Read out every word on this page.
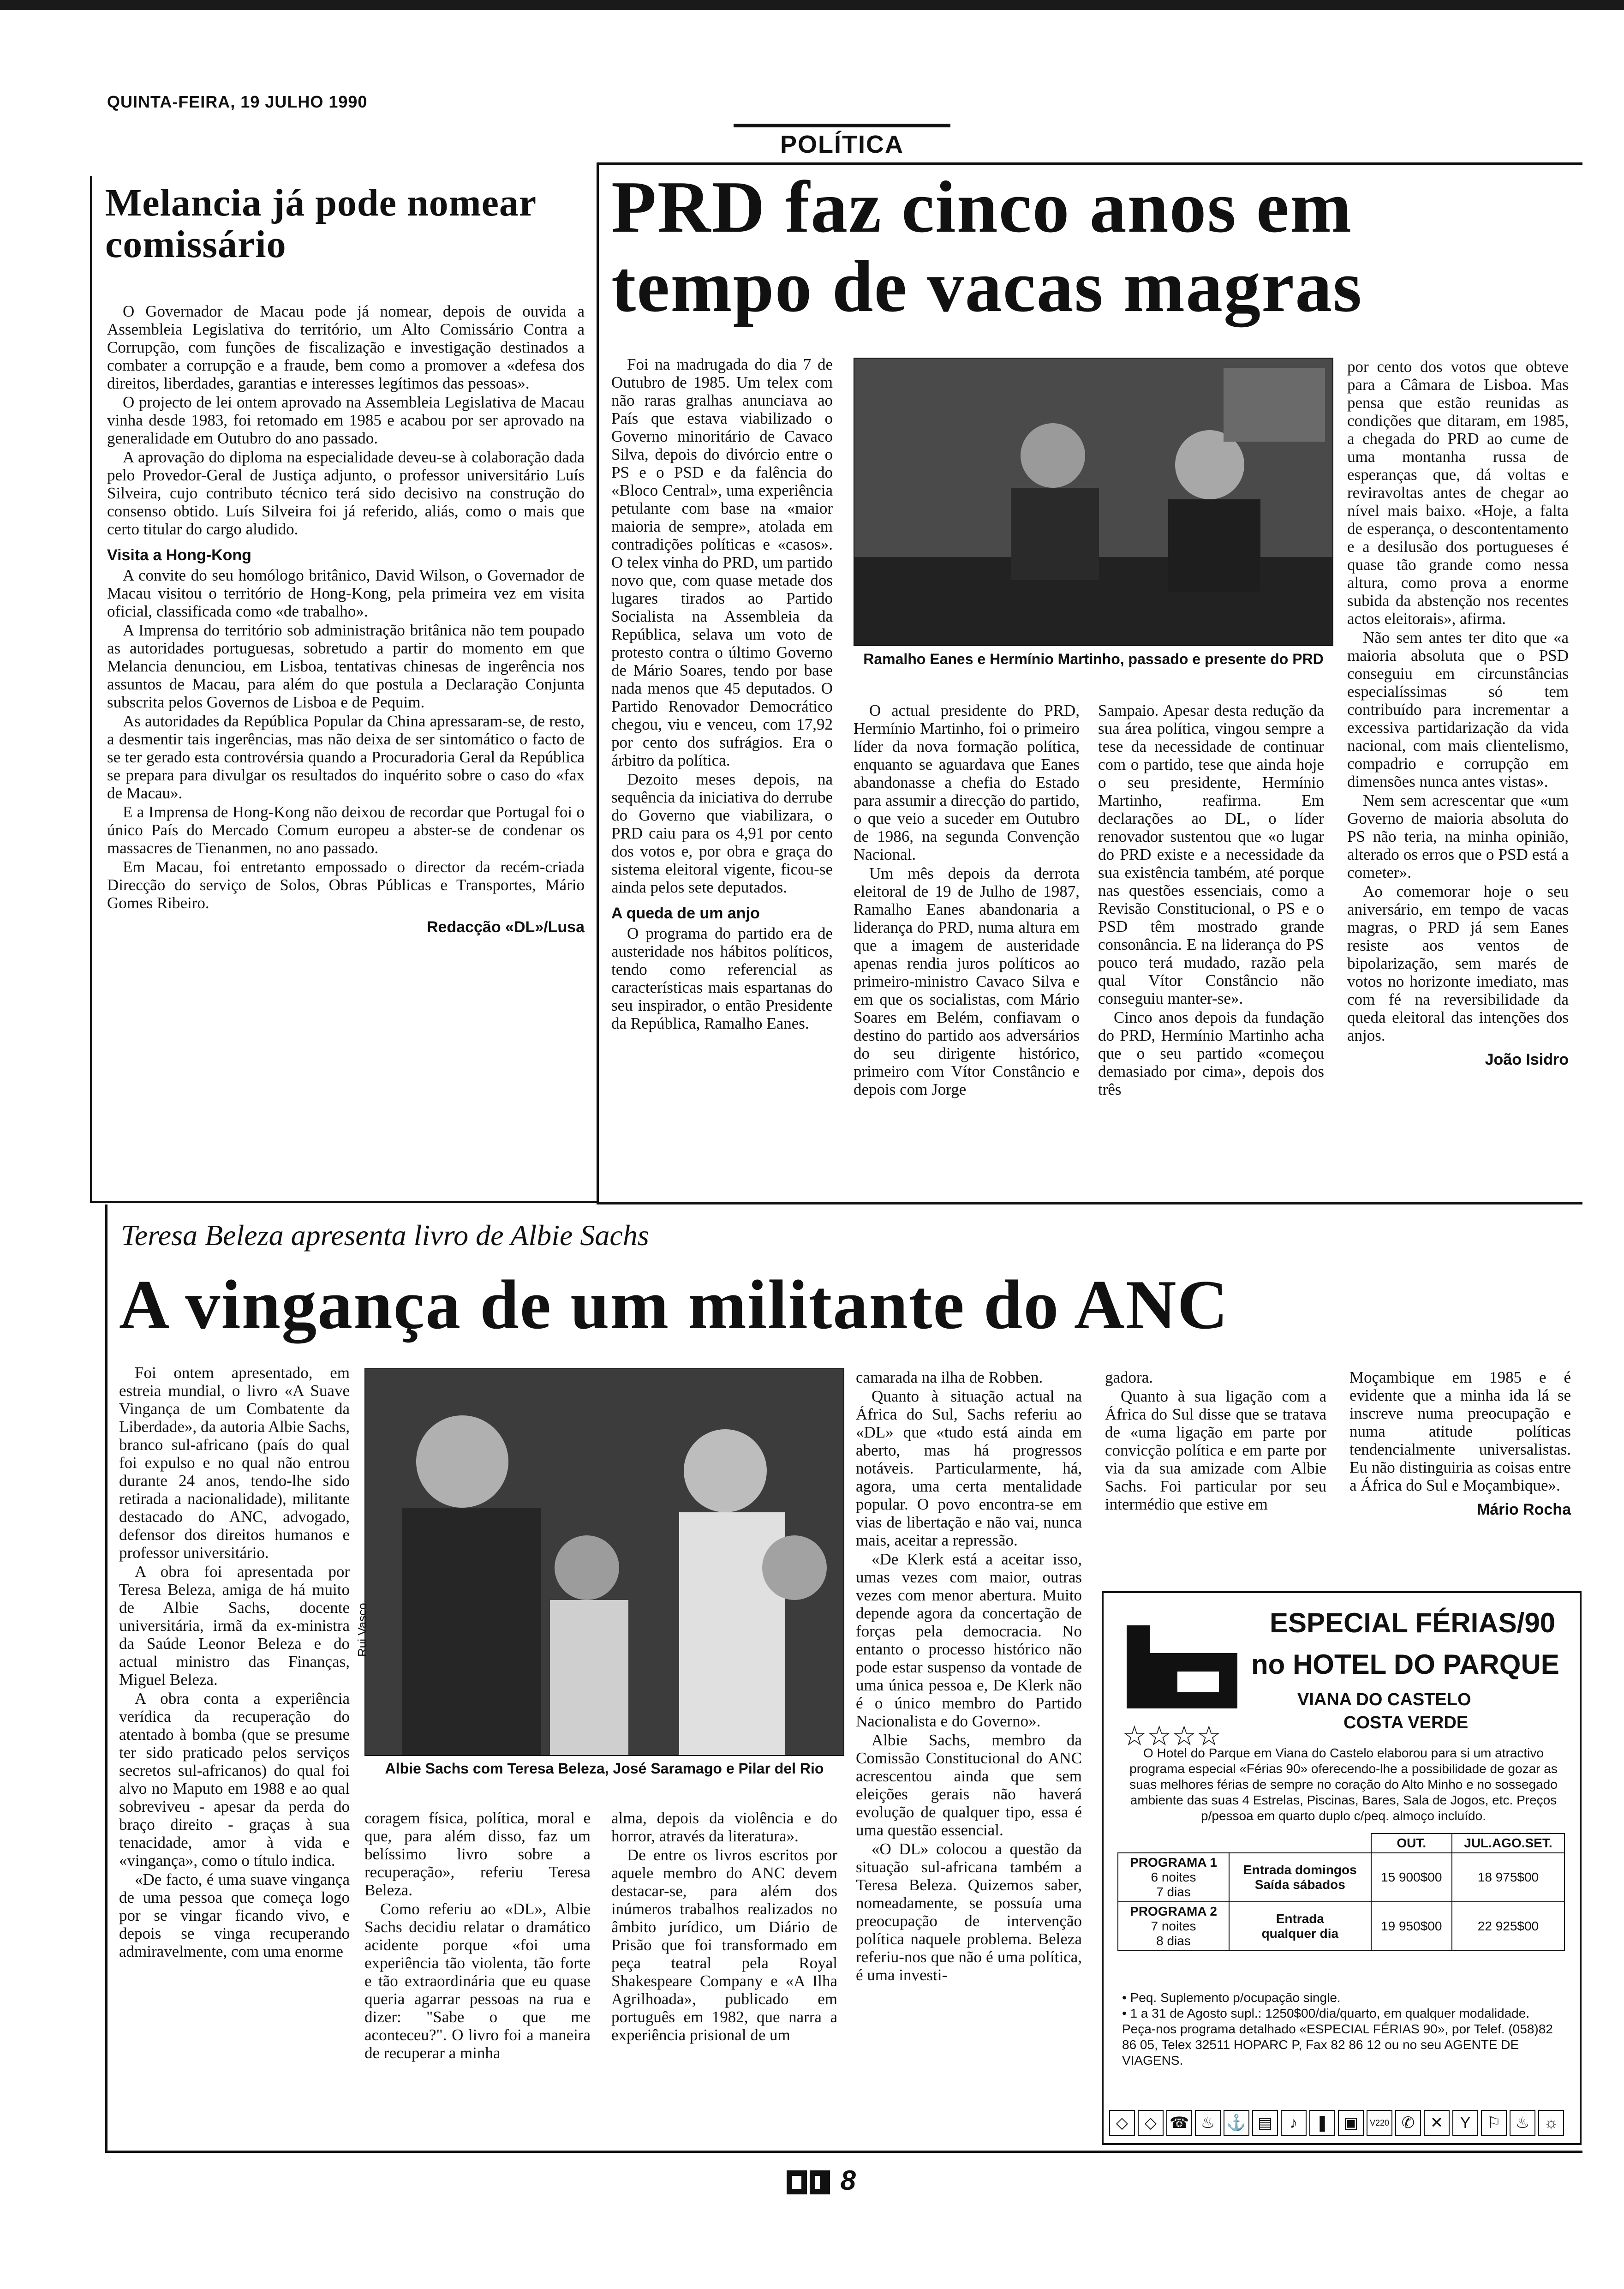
QUINTA-FEIRA, 19 JULHO 1990
POLÍTICA
Melancia já pode nomear comissário

O Governador de Macau pode já nomear, depois de ouvida a Assembleia Legislativa do território, um Alto Comissário Contra a Corrupção, com funções de fiscalização e investigação destinados a combater a corrupção e a fraude, bem como a promover a «defesa dos direitos, liberdades, garantias e interesses legítimos das pessoas».

O projecto de lei ontem aprovado na Assembleia Legislativa de Macau vinha desde 1983, foi retomado em 1985 e acabou por ser aprovado na generalidade em Outubro do ano passado.

A aprovação do diploma na especialidade deveu-se à colaboração dada pelo Provedor-Geral de Justiça adjunto, o professor universitário Luís Silveira, cujo contributo técnico terá sido decisivo na construção do consenso obtido. Luís Silveira foi já referido, aliás, como o mais que certo titular do cargo aludido.

Visita a Hong-Kong

A convite do seu homólogo britânico, David Wilson, o Governador de Macau visitou o território de Hong-Kong, pela primeira vez em visita oficial, classificada como «de trabalho».

A Imprensa do território sob administração britânica não tem poupado as autoridades portuguesas, sobretudo a partir do momento em que Melancia denunciou, em Lisboa, tentativas chinesas de ingerência nos assuntos de Macau, para além do que postula a Declaração Conjunta subscrita pelos Governos de Lisboa e de Pequim.

As autoridades da República Popular da China apressaram-se, de resto, a desmentir tais ingerências, mas não deixa de ser sintomático o facto de se ter gerado esta controvérsia quando a Procuradoria Geral da República se prepara para divulgar os resultados do inquérito sobre o caso do «fax de Macau».

E a Imprensa de Hong-Kong não deixou de recordar que Portugal foi o único País do Mercado Comum europeu a abster-se de condenar os massacres de Tienanmen, no ano passado.

Em Macau, foi entretanto empossado o director da recém-criada Direcção do serviço de Solos, Obras Públicas e Transportes, Mário Gomes Ribeiro.

Redacção «DL»/Lusa
PRD faz cinco anos em tempo de vacas magras

Foi na madrugada do dia 7 de Outubro de 1985. Um telex com não raras gralhas anunciava ao País que estava viabilizado o Governo minoritário de Cavaco Silva, depois do divórcio entre o PS e o PSD e da falência do «Bloco Central», uma experiência petulante com base na «maior maioria de sempre», atolada em contradições políticas e «casos». O telex vinha do PRD, um partido novo que, com quase metade dos lugares tirados ao Partido Socialista na Assembleia da República, selava um voto de protesto contra o último Governo de Mário Soares, tendo por base nada menos que 45 deputados. O Partido Renovador Democrático chegou, viu e venceu, com 17,92 por cento dos sufrágios. Era o árbitro da política.

Dezoito meses depois, na sequência da iniciativa do derrube do Governo que viabilizara, o PRD caiu para os 4,91 por cento dos votos e, por obra e graça do sistema eleitoral vigente, ficou-se ainda pelos sete deputados.

A queda de um anjo

O programa do partido era de austeridade nos hábitos políticos, tendo como referencial as características mais espartanas do seu inspirador, o então Presidente da República, Ramalho Eanes.

Ramalho Eanes e Hermínio Martinho, passado e presente do PRD

O actual presidente do PRD, Hermínio Martinho, foi o primeiro líder da nova formação política, enquanto se aguardava que Eanes abandonasse a chefia do Estado para assumir a direcção do partido, o que veio a suceder em Outubro de 1986, na segunda Convenção Nacional.

Um mês depois da derrota eleitoral de 19 de Julho de 1987, Ramalho Eanes abandonaria a liderança do PRD, numa altura em que a imagem de austeridade apenas rendia juros políticos ao primeiro-ministro Cavaco Silva e em que os socialistas, com Mário Soares em Belém, confiavam o destino do partido aos adversários do seu dirigente histórico, primeiro com Vítor Constâncio e depois com Jorge

Sampaio. Apesar desta redução da sua área política, vingou sempre a tese da necessidade de continuar com o partido, tese que ainda hoje o seu presidente, Hermínio Martinho, reafirma. Em declarações ao DL, o líder renovador sustentou que «o lugar do PRD existe e a necessidade da sua existência também, até porque nas questões essenciais, como a Revisão Constitucional, o PS e o PSD têm mostrado grande consonância. E na liderança do PS pouco terá mudado, razão pela qual Vítor Constâncio não conseguiu manter-se».

Cinco anos depois da fundação do PRD, Hermínio Martinho acha que o seu partido «começou demasiado por cima», depois dos três

por cento dos votos que obteve para a Câmara de Lisboa. Mas pensa que estão reunidas as condições que ditaram, em 1985, a chegada do PRD ao cume de uma montanha russa de esperanças que, dá voltas e reviravoltas antes de chegar ao nível mais baixo. «Hoje, a falta de esperança, o descontentamento e a desilusão dos portugueses é quase tão grande como nessa altura, como prova a enorme subida da abstenção nos recentes actos eleitorais», afirma.

Não sem antes ter dito que «a maioria absoluta que o PSD conseguiu em circunstâncias especialíssimas só tem contribuído para incrementar a excessiva partidarização da vida nacional, com mais clientelismo, compadrio e corrupção em dimensões nunca antes vistas».

Nem sem acrescentar que «um Governo de maioria absoluta do PS não teria, na minha opinião, alterado os erros que o PSD está a cometer».

Ao comemorar hoje o seu aniversário, em tempo de vacas magras, o PRD já sem Eanes resiste aos ventos de bipolarização, sem marés de votos no horizonte imediato, mas com fé na reversibilidade da queda eleitoral das intenções dos anjos.

João Isidro
Teresa Beleza apresenta livro de Albie Sachs
A vingança de um militante do ANC

Foi ontem apresentado, em estreia mundial, o livro «A Suave Vingança de um Combatente da Liberdade», da autoria Albie Sachs, branco sul-africano (país do qual foi expulso e no qual não entrou durante 24 anos, tendo-lhe sido retirada a nacionalidade), militante destacado do ANC, advogado, defensor dos direitos humanos e professor universitário.

A obra foi apresentada por Teresa Beleza, amiga de há muito de Albie Sachs, docente universitária, irmã da ex-ministra da Saúde Leonor Beleza e do actual ministro das Finanças, Miguel Beleza.

A obra conta a experiência verídica da recuperação do atentado à bomba (que se presume ter sido praticado pelos serviços secretos sul-africanos) do qual foi alvo no Maputo em 1988 e ao qual sobreviveu - apesar da perda do braço direito - graças à sua tenacidade, amor à vida e «vingança», como o título indica.

«De facto, é uma suave vingança de uma pessoa que começa logo por se vingar ficando vivo, e depois se vinga recuperando admiravelmente, com uma enorme

Rui Vasco
Albie Sachs com Teresa Beleza, José Saramago e Pilar del Rio

coragem física, política, moral e que, para além disso, faz um belíssimo livro sobre a recuperação», referiu Teresa Beleza.

Como referiu ao «DL», Albie Sachs decidiu relatar o dramático acidente porque «foi uma experiência tão violenta, tão forte e tão extraordinária que eu quase queria agarrar pessoas na rua e dizer: "Sabe o que me aconteceu?". O livro foi a maneira de recuperar a minha

alma, depois da violência e do horror, através da literatura».

De entre os livros escritos por aquele membro do ANC devem destacar-se, para além dos inúmeros trabalhos realizados no âmbito jurídico, um Diário de Prisão que foi transformado em peça teatral pela Royal Shakespeare Company e «A Ilha Agrilhoada», publicado em português em 1982, que narra a experiência prisional de um

camarada na ilha de Robben.

Quanto à situação actual na África do Sul, Sachs referiu ao «DL» que «tudo está ainda em aberto, mas há progressos notáveis. Particularmente, há, agora, uma certa mentalidade popular. O povo encontra-se em vias de libertação e não vai, nunca mais, aceitar a repressão.

«De Klerk está a aceitar isso, umas vezes com maior, outras vezes com menor abertura. Muito depende agora da concertação de forças pela democracia. No entanto o processo histórico não pode estar suspenso da vontade de uma única pessoa e, De Klerk não é o único membro do Partido Nacionalista e do Governo».

Albie Sachs, membro da Comissão Constitucional do ANC acrescentou ainda que sem eleições gerais não haverá evolução de qualquer tipo, essa é uma questão essencial.

«O DL» colocou a questão da situação sul-africana também a Teresa Beleza. Quizemos saber, nomeadamente, se possuía uma preocupação de intervenção política naquele problema. Beleza referiu-nos que não é uma política, é uma investi-

gadora.

Quanto à sua ligação com a África do Sul disse que se tratava de «uma ligação em parte por convicção política e em parte por via da sua amizade com Albie Sachs. Foi particular por seu intermédio que estive em

Moçambique em 1985 e é evidente que a minha ida lá se inscreve numa preocupação e numa atitude políticas tendencialmente universalistas. Eu não distinguiria as coisas entre a África do Sul e Moçambique».

Mário Rocha
ESPECIAL FÉRIAS/90
no HOTEL DO PARQUE
VIANA DO CASTELO
COSTA VERDE
☆☆☆☆
O Hotel do Parque em Viana do Castelo elaborou para si um atractivo programa especial «Férias 90» oferecendo-lhe a possibilidade de gozar as suas melhores férias de sempre no coração do Alto Minho e no sossegado ambiente das suas 4 Estrelas, Piscinas, Bares, Sala de Jogos, etc. Preços p/pessoa em quarto duplo c/peq. almoço incluído.
		OUT.	JUL.AGO.SET.
PROGRAMA 1
6 noites
7 dias	Entrada domingos
Saída sábados	15 900$00	18 975$00
PROGRAMA 2
7 noites
8 dias	Entrada
qualquer dia	19 950$00	22 925$00
• Peq. Suplemento p/ocupação single.
• 1 a 31 de Agosto supl.: 1250$00/dia/quarto, em qualquer modalidade.
Peça-nos programa detalhado «ESPECIAL FÉRIAS 90», por Telef. (058)82 86 05, Telex 32511 HOPARC P, Fax 82 86 12 ou no seu AGENTE DE VIAGENS.
◇	◇ ☎ ♨ ⚓ ▤	♪	❚ ▣	V220 ✆ ✕	Y	⚐ ♨ ☼
8
